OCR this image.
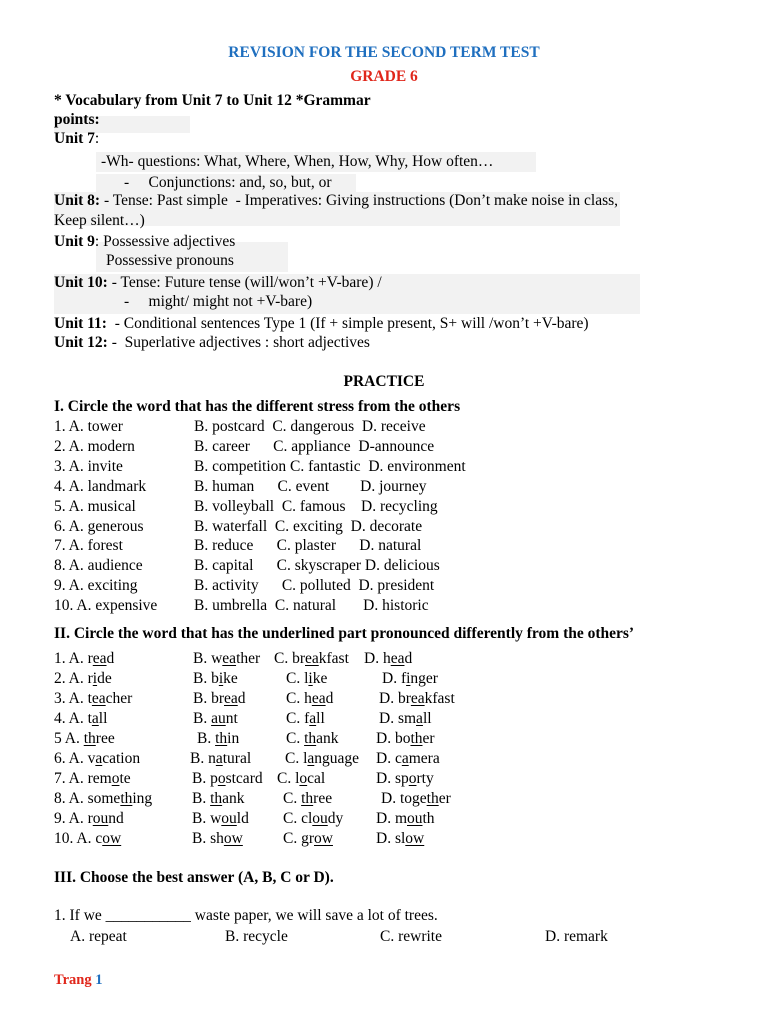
REVISION FOR THE SECOND TERM TEST
GRADE 6
* Vocabulary from Unit 7 to Unit 12 *Grammar
points:
Unit 7:
-Wh- questions: What, Where, When, How, Why, How often…
-     Conjunctions: and, so, but, or
Unit 8: - Tense: Past simple  - Imperatives: Giving instructions (Don’t make noise in class,
Keep silent…)
Unit 9: Possessive adjectives
Possessive pronouns
Unit 10: - Tense: Future tense (will/won’t +V-bare) /
-     might/ might not +V-bare)
Unit 11:  - Conditional sentences Type 1 (If + simple present, S+ will /won’t +V-bare)
Unit 12: -  Superlative adjectives : short adjectives
PRACTICE
I. Circle the word that has the different stress from the others
1. A. tower	B. postcard  C. dangerous  D. receive
2. A. modern	B. career      C. appliance  D-announce
3. A. invite	B. competition C. fantastic  D. environment
4. A. landmark	B. human      C. event        D. journey
5. A. musical	B. volleyball  C. famous    D. recycling
6. A. generous	B. waterfall  C. exciting  D. decorate
7. A. forest	B. reduce      C. plaster      D. natural
8. A. audience	B. capital      C. skyscraper D. delicious
9. A. exciting	B. activity      C. polluted  D. president
10. A. expensive B. umbrella  C. natural       D. historic
II. Circle the word that has the underlined part pronounced differently from the others’
1. A. read	B. weather C. breakfast D. head
2. A. ride	B. bike	C. like	D. finger
3. A. teacher	B. bread	C. head	D. breakfast
4. A. tall	B. aunt	C. fall	D. small
5 A. three	B. thin	C. thank D. bother
6. A. vacation	B. natural C. language D. camera
7. A. remote	B. postcard C. local	D. sporty
8. A. something	B. thank C. three	D. together
9. A. round	B. would C. cloudy D. mouth
10. A. cow	B. show	C. grow	D. slow
III. Choose the best answer (A, B, C or D).
1. If we ___________ waste paper, we will save a lot of trees.
A. repeat	B. recycle	C. rewrite	D. remark
Trang 1
